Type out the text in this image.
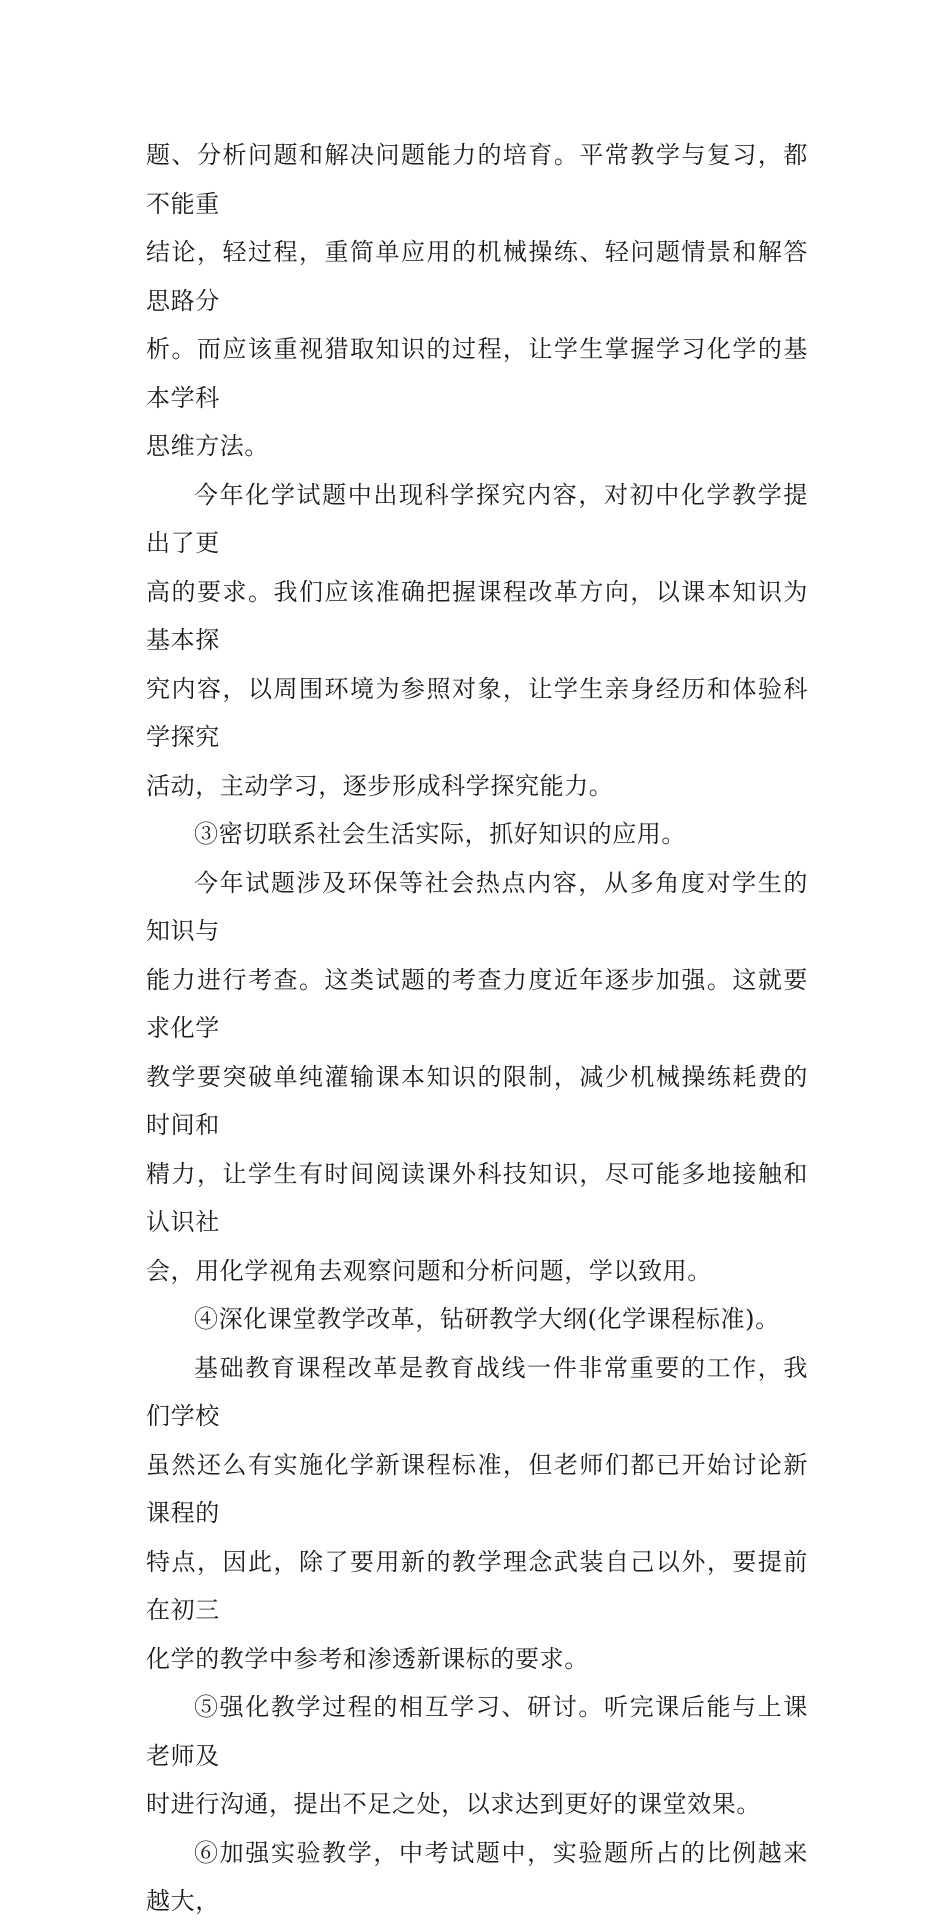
题、分析问题和解决问题能力的培育。平常教学与复习，都不能重
结论，轻过程，重简单应用的机械操练、轻问题情景和解答思路分
析。而应该重视猎取知识的过程，让学生掌握学习化学的基本学科
思维方法。

今年化学试题中出现科学探究内容，对初中化学教学提出了更
高的要求。我们应该准确把握课程改革方向，以课本知识为基本探
究内容，以周围环境为参照对象，让学生亲身经历和体验科学探究
活动，主动学习，逐步形成科学探究能力。

③密切联系社会生活实际，抓好知识的应用。

今年试题涉及环保等社会热点内容，从多角度对学生的知识与
能力进行考查。这类试题的考查力度近年逐步加强。这就要求化学
教学要突破单纯灌输课本知识的限制，减少机械操练耗费的时间和
精力，让学生有时间阅读课外科技知识，尽可能多地接触和认识社
会，用化学视角去观察问题和分析问题，学以致用。

④深化课堂教学改革，钻研教学大纲(化学课程标准)。

基础教育课程改革是教育战线一件非常重要的工作，我们学校
虽然还么有实施化学新课程标准，但老师们都已开始讨论新课程的
特点，因此，除了要用新的教学理念武装自己以外，要提前在初三
化学的教学中参考和渗透新课标的要求。

⑤强化教学过程的相互学习、研讨。听完课后能与上课老师及
时进行沟通，提出不足之处，以求达到更好的课堂效果。

⑥加强实验教学，中考试题中，实验题所占的比例越来越大，
